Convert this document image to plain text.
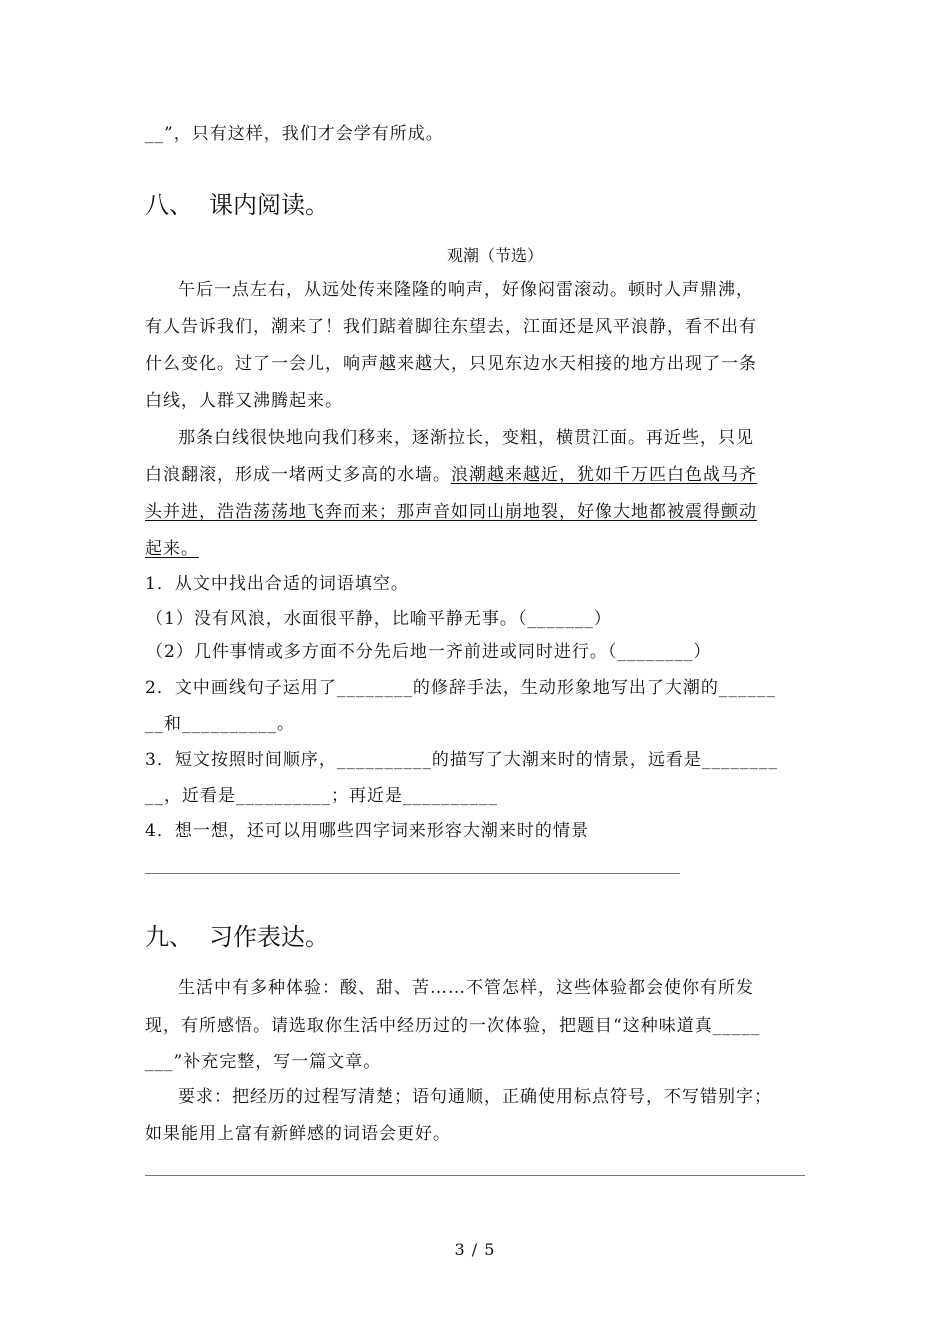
__”，只有这样，我们才会学有所成。
八、 课内阅读。
观潮（节选）
午后一点左右，从远处传来隆隆的响声，好像闷雷滚动。顿时人声鼎沸，
有人告诉我们，潮来了！我们踮着脚往东望去，江面还是风平浪静，看不出有
什么变化。过了一会儿，响声越来越大，只见东边水天相接的地方出现了一条
白线，人群又沸腾起来。
那条白线很快地向我们移来，逐渐拉长，变粗，横贯江面。再近些，只见
白浪翻滚，形成一堵两丈多高的水墙。浪潮越来越近，犹如千万匹白色战马齐
头并进，浩浩荡荡地飞奔而来；那声音如同山崩地裂，好像大地都被震得颤动
起来。
1．从文中找出合适的词语填空。
（1）没有风浪，水面很平静，比喻平静无事。（_______）
（2）几件事情或多方面不分先后地一齐前进或同时进行。（________）
2．文中画线句子运用了________的修辞手法，生动形象地写出了大潮的______
__和__________。
3．短文按照时间顺序，__________的描写了大潮来时的情景，远看是________
__，近看是__________；再近是__________
4．想一想，还可以用哪些四字词来形容大潮来时的情景
九、 习作表达。
生活中有多种体验：酸、甜、苦……不管怎样，这些体验都会使你有所发
现，有所感悟。请选取你生活中经历过的一次体验，把题目“这种味道真_____
___”补充完整，写一篇文章。
要求：把经历的过程写清楚；语句通顺，正确使用标点符号，不写错别字；
如果能用上富有新鲜感的词语会更好。
3 / 5
